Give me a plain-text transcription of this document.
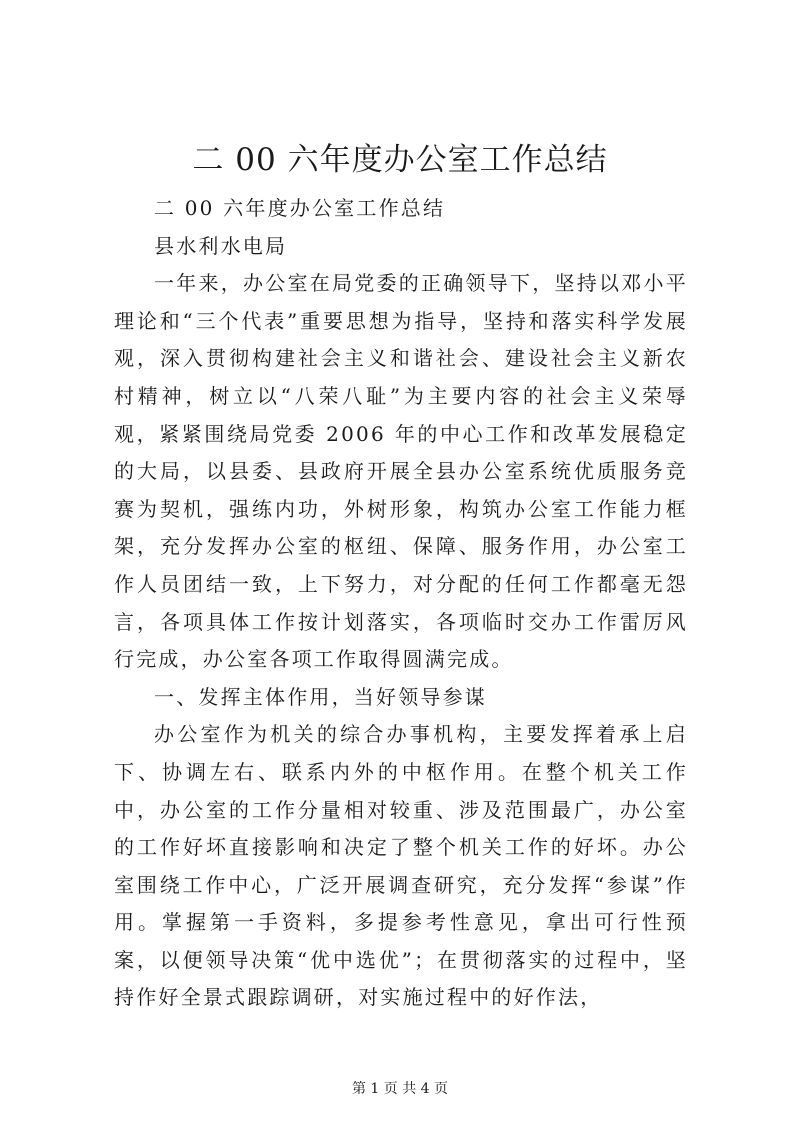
二 00 六年度办公室工作总结

二 00 六年度办公室工作总结

县水利水电局

一年来，办公室在局党委的正确领导下，坚持以邓小平理论和“三个代表”重要思想为指导，坚持和落实科学发展观，深入贯彻构建社会主义和谐社会、建设社会主义新农村精神，树立以“八荣八耻”为主要内容的社会主义荣辱观，紧紧围绕局党委 2006 年的中心工作和改革发展稳定的大局，以县委、县政府开展全县办公室系统优质服务竞赛为契机，强练内功，外树形象，构筑办公室工作能力框架，充分发挥办公室的枢纽、保障、服务作用，办公室工作人员团结一致，上下努力，对分配的任何工作都毫无怨言，各项具体工作按计划落实，各项临时交办工作雷厉风行完成，办公室各项工作取得圆满完成。

一、发挥主体作用，当好领导参谋

办公室作为机关的综合办事机构，主要发挥着承上启下、协调左右、联系内外的中枢作用。在整个机关工作中，办公室的工作分量相对较重、涉及范围最广，办公室的工作好坏直接影响和决定了整个机关工作的好坏。办公室围绕工作中心，广泛开展调查研究，充分发挥“参谋”作用。掌握第一手资料，多提参考性意见，拿出可行性预案，以便领导决策“优中选优”；在贯彻落实的过程中，坚持作好全景式跟踪调研，对实施过程中的好作法，

第 1 页 共 4 页
